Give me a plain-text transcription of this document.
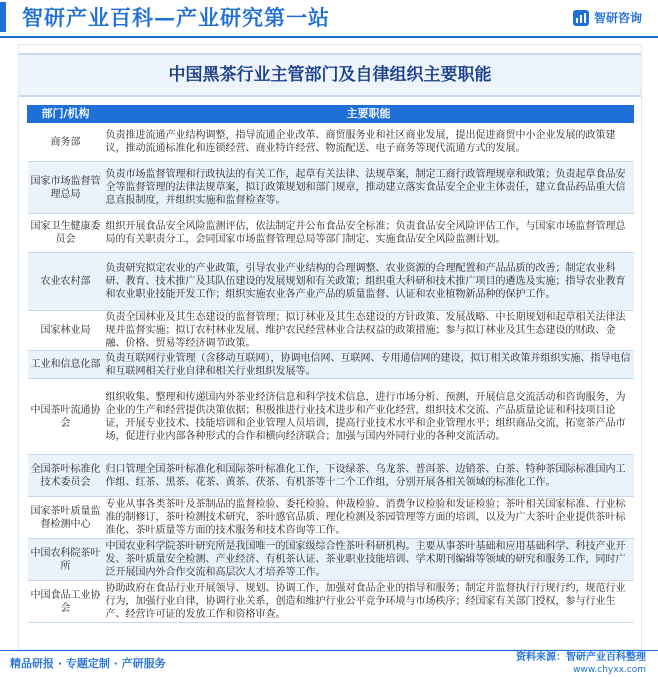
智研产业百科—产业研究第一站	智研咨询
中国黑茶行业主管部门及自律组织主要职能
部门/机构	主要职能
商务部	负责推进流通产业结构调整，指导流通企业改革、商贸服务业和社区商业发展，提出促进商贸中小企业发展的政策建议，推动流通标准化和连锁经营、商业特许经营、物流配送、电子商务等现代流通方式的发展。
国家市场监督管理总局	负责市场监督管理和行政执法的有关工作，起草有关法律、法规草案，制定工商行政管理规章和政策；负责起草食品安全等监督管理的法律法规草案，拟订政策规划和部门规章，推动建立落实食品安全企业主体责任，建立食品药品重大信息直报制度，并组织实施和监督检查等。
国家卫生健康委员会	组织开展食品安全风险监测评估，依法制定并公布食品安全标准；负责食品安全风险评估工作，与国家市场监督管理总局的有关职责分工，会同国家市场监督管理总局等部门制定、实施食品安全风险监测计划。
农业农村部	负责研究拟定农业的产业政策，引导农业产业结构的合理调整、农业资源的合理配置和产品品质的改善；制定农业科研、教育、技术推广及其队伍建设的发展规划和有关政策；组织重大科研和技术推广项目的遴选及实施；指导农业教育和农业职业技能开发工作；组织实施农业各产业产品的质量监督、认证和农业植物新品种的保护工作。
国家林业局	负责全国林业及其生态建设的监督管理；拟订林业及其生态建设的方针政策、发展战略、中长期规划和起草相关法律法规并监督实施；拟订农村林业发展、维护农民经营林业合法权益的政策措施；参与拟订林业及其生态建设的财政、金融、价格、贸易等经济调节政策。
工业和信息化部	负责互联网行业管理（含移动互联网），协调电信网、互联网、专用通信网的建设，拟订相关政策并组织实施、指导电信和互联网相关行业自律和相关行业组织发展等。
中国茶叶流通协会	组织收集、整理和传递国内外茶业经济信息和科学技术信息，进行市场分析、预测，开展信息交流活动和咨询服务，为企业的生产和经营提供决策依据；积极推进行业技术进步和产业化经营，组织技术交流、产品质量论证和科技项目论证，开展专业技术、技能培训和企业管理人员培训，提高行业技术水平和企业管理水平；组织商品交流，拓宽茶产品市场，促进行业内部各种形式的合作和横向经济联合；加强与国内外同行业的各种交流活动。
全国茶叶标准化技术委员会	归口管理全国茶叶标准化和国际茶叶标准化工作，下设绿茶、乌龙茶、普洱茶、边销茶、白茶、特种茶国际标准国内工作组、红茶、黑茶、花茶、黄茶、茯茶、有机茶等十二个工作组，分别开展各相关领域的标准化工作。
国家茶叶质量监督检测中心	专业从事各类茶叶及茶制品的监督检验、委托检验、仲裁检验、消费争议检验和发证检验；茶叶相关国家标准、行业标准的制修订，茶叶检测技术研究，茶叶感官品质、理化检测及茶园管理等方面的培训，以及为广大茶叶企业提供茶叶标准化、茶叶质量等方面的技术服务和技术咨询等工作。
中国农科院茶叶所	中国农业科学院茶叶研究所是我国唯一的国家级综合性茶叶科研机构。主要从事茶叶基础和应用基础科学、科技产业开发、茶叶质量安全检测、产业经济、有机茶认证、茶业职业技能培训、学术期刊编辑等领域的研究和服务工作，同时广泛开展国内外合作交流和高层次人才培养等工作。
中国食品工业协会	协助政府在食品行业开展领导、规划、协调工作，加强对食品企业的指导和服务；制定并监督执行行规行约，规范行业行为，加强行业自律，协调行业关系，创造和维护行业公平竞争环境与市场秩序；经国家有关部门授权，参与行业生产、经营许可证的发放工作和资格审查。
精品研报 · 专题定制 · 产研服务	资料来源：智研产业百科整理
www.chyxx.com
